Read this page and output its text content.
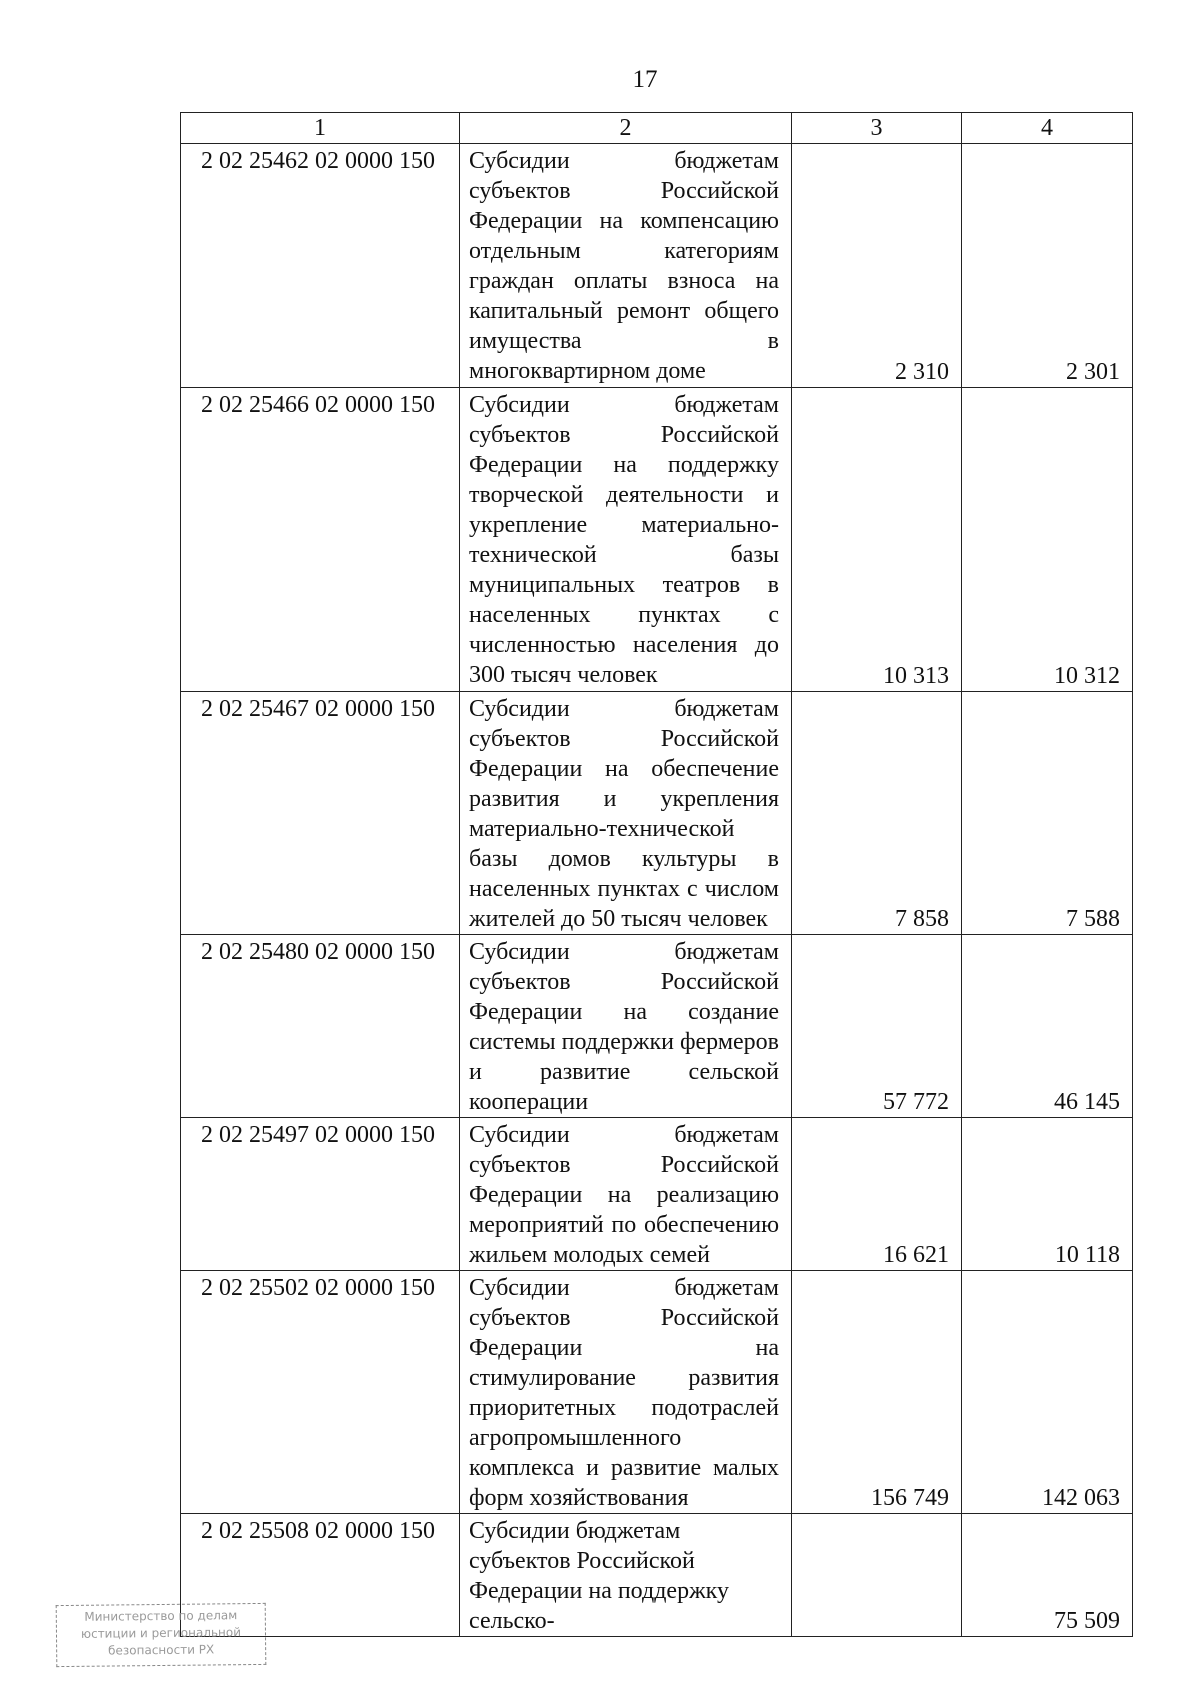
17
1	2	3	4
2 02 25462 02 0000 150	Субсидии бюджетам субъектов Российской Федерации на компенсацию отдельным категориям граждан оплаты взноса на капитальный ремонт общего имущества в многоквартирном доме	2 310	2 301
2 02 25466 02 0000 150	Субсидии бюджетам субъектов Российской Федерации на поддержку творческой деятельности и укрепление материально-технической базы муниципальных театров в населенных пунктах с численностью населения до 300 тысяч человек	10 313	10 312
2 02 25467 02 0000 150	Субсидии бюджетам субъектов Российской Федерации на обеспечение развития и укрепления материально-технической базы домов культуры в населенных пунктах с числом жителей до 50 тысяч человек	7 858	7 588
2 02 25480 02 0000 150	Субсидии бюджетам субъектов Российской Федерации на создание системы поддержки фермеров и развитие сельской кооперации	57 772	46 145
2 02 25497 02 0000 150	Субсидии бюджетам субъектов Российской Федерации на реализацию мероприятий по обеспечению жильем молодых семей	16 621	10 118
2 02 25502 02 0000 150	Субсидии бюджетам субъектов Российской Федерации на стимулирование развития приоритетных подотраслей агропромышленного комплекса и развитие малых форм хозяйствования	156 749	142 063
2 02 25508 02 0000 150	Субсидии бюджетам субъектов Российской Федерации на поддержку сельско-		75 509
Министерство по делам
юстиции и региональной
безопасности РХ
